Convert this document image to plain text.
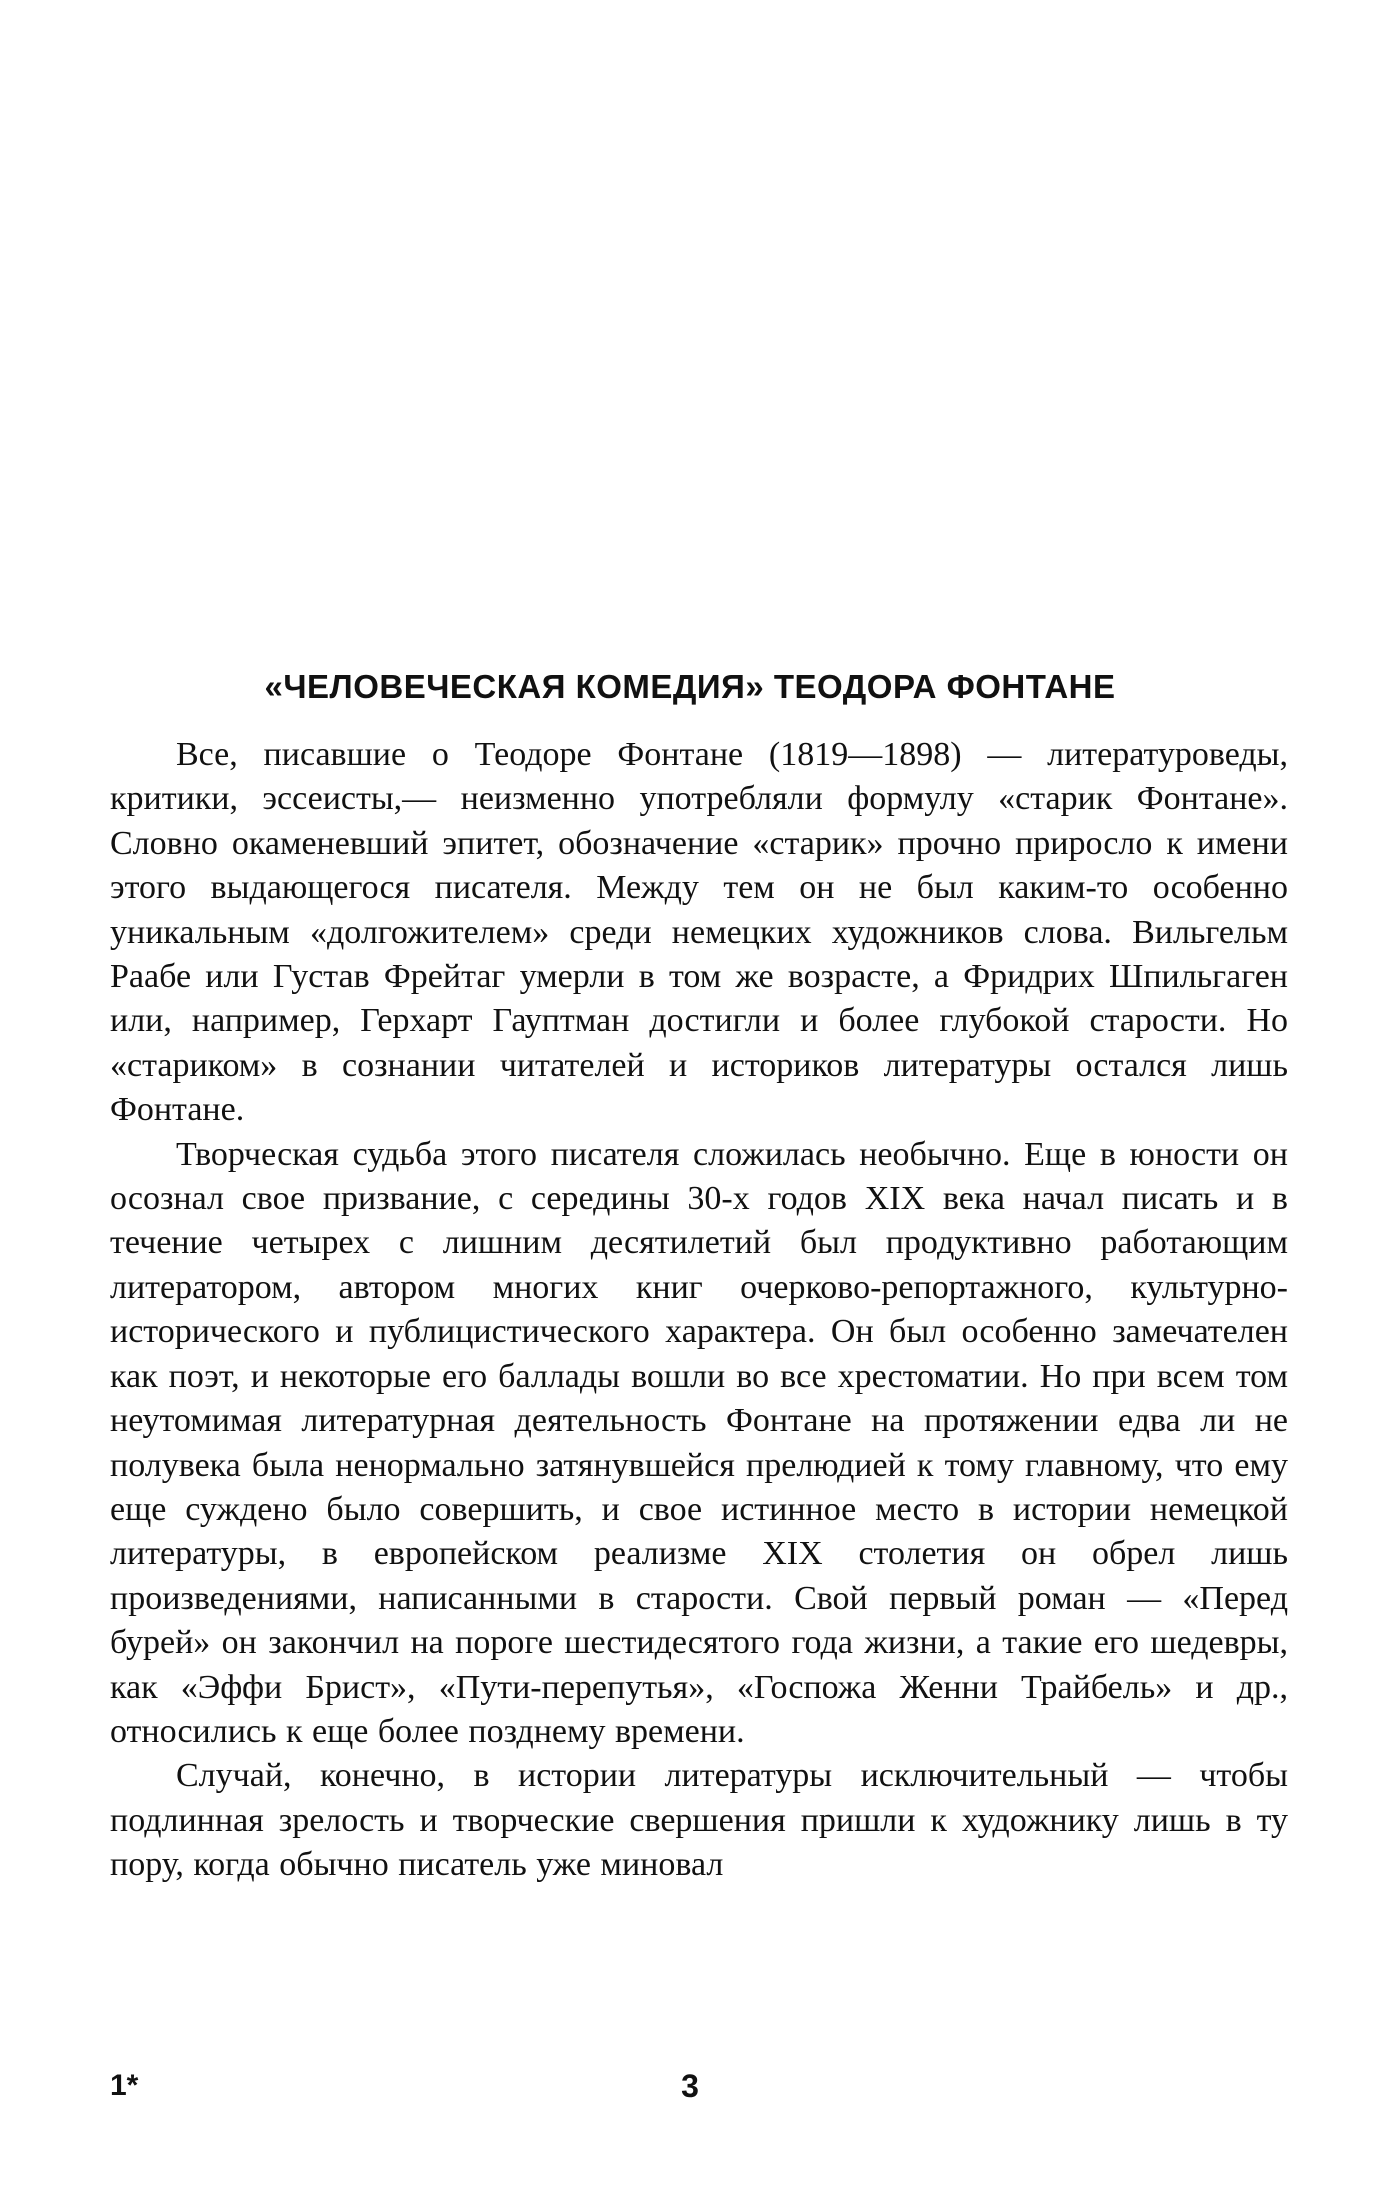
«ЧЕЛОВЕЧЕСКАЯ КОМЕДИЯ» ТЕОДОРА ФОНТАНЕ

Все, писавшие о Теодоре Фонтане (1819—1898) — литературоведы, критики, эссеисты,— неизменно употребляли формулу «старик Фонтане». Словно окаменевший эпитет, обозначение «старик» прочно приросло к имени этого выдающегося писателя. Между тем он не был каким-то особенно уникальным «долгожителем» среди немецких художников слова. Вильгельм Раабе или Густав Фрейтаг умерли в том же возрасте, а Фридрих Шпильгаген или, например, Герхарт Гауптман достигли и более глубокой старости. Но «стариком» в сознании читателей и историков литературы остался лишь Фонтане.

Творческая судьба этого писателя сложилась необычно. Еще в юности он осознал свое призвание, с середины 30-х годов XIX века начал писать и в течение четырех с лишним десятилетий был продуктивно работающим литератором, автором многих книг очерково-репортажного, культурно-исторического и публицистического характера. Он был особенно замечателен как поэт, и некоторые его баллады вошли во все хрестоматии. Но при всем том неутомимая литературная деятельность Фонтане на протяжении едва ли не полувека была ненормально затянувшейся прелюдией к тому главному, что ему еще суждено было совершить, и свое истинное место в истории немецкой литературы, в европейском реализме XIX столетия он обрел лишь произведениями, написанными в старости. Свой первый роман — «Перед бурей» он закончил на пороге шестидесятого года жизни, а такие его шедевры, как «Эффи Брист», «Пути-перепутья», «Госпожа Женни Трайбель» и др., относились к еще более позднему времени.

Случай, конечно, в истории литературы исключительный — чтобы подлинная зрелость и творческие свершения пришли к художнику лишь в ту пору, когда обычно писатель уже миновал

1*	3
